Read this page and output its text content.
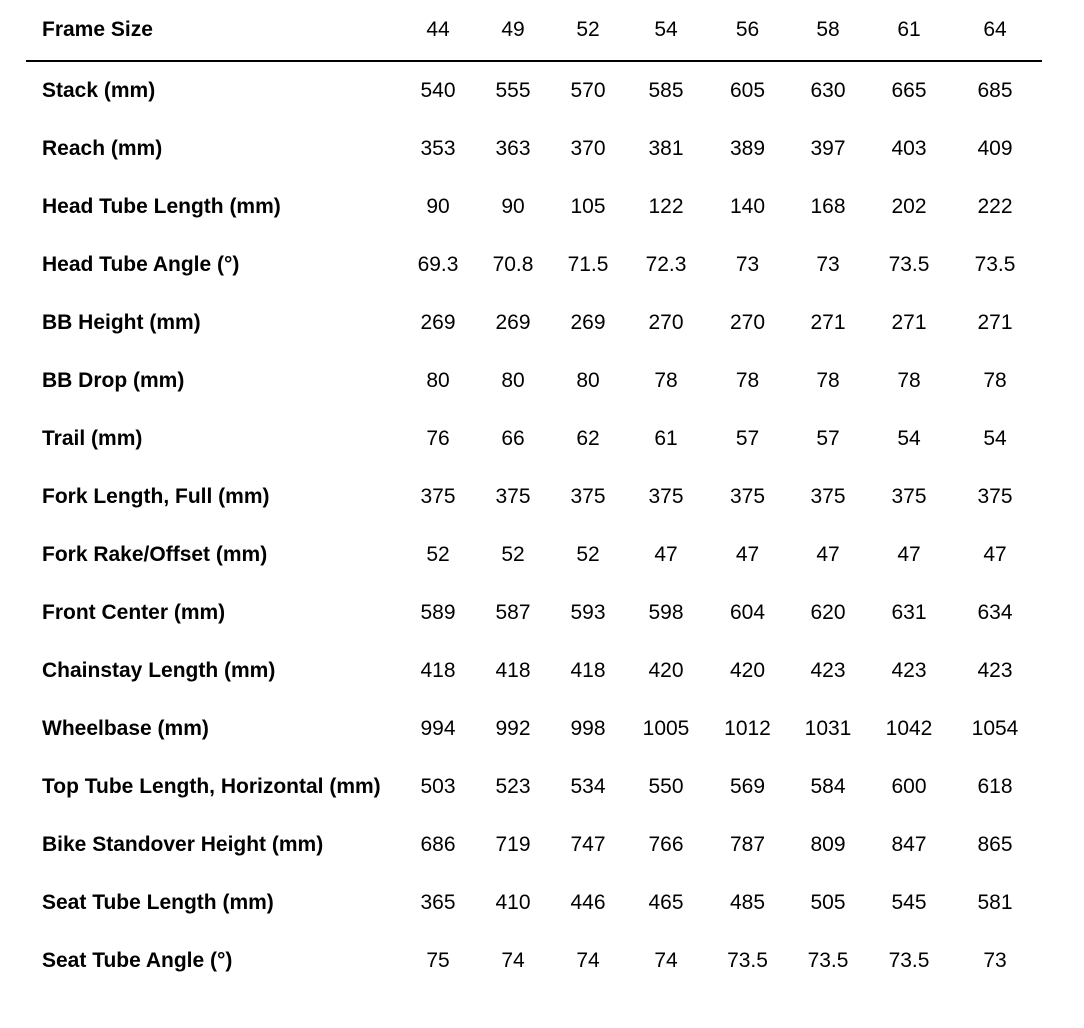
Frame Size	44	49	52	54	56	58	61	64
Stack (mm)	540	555	570	585	605	630	665	685
Reach (mm)	353	363	370	381	389	397	403	409
Head Tube Length (mm)	90	90	105	122	140	168	202	222
Head Tube Angle (°)	69.3	70.8	71.5	72.3	73	73	73.5	73.5
BB Height (mm)	269	269	269	270	270	271	271	271
BB Drop (mm)	80	80	80	78	78	78	78	78
Trail (mm)	76	66	62	61	57	57	54	54
Fork Length, Full (mm)	375	375	375	375	375	375	375	375
Fork Rake/Offset (mm)	52	52	52	47	47	47	47	47
Front Center (mm)	589	587	593	598	604	620	631	634
Chainstay Length (mm)	418	418	418	420	420	423	423	423
Wheelbase (mm)	994	992	998	1005	1012	1031	1042	1054
Top Tube Length, Horizontal (mm)	503	523	534	550	569	584	600	618
Bike Standover Height (mm)	686	719	747	766	787	809	847	865
Seat Tube Length (mm)	365	410	446	465	485	505	545	581
Seat Tube Angle (°)	75	74	74	74	73.5	73.5	73.5	73
